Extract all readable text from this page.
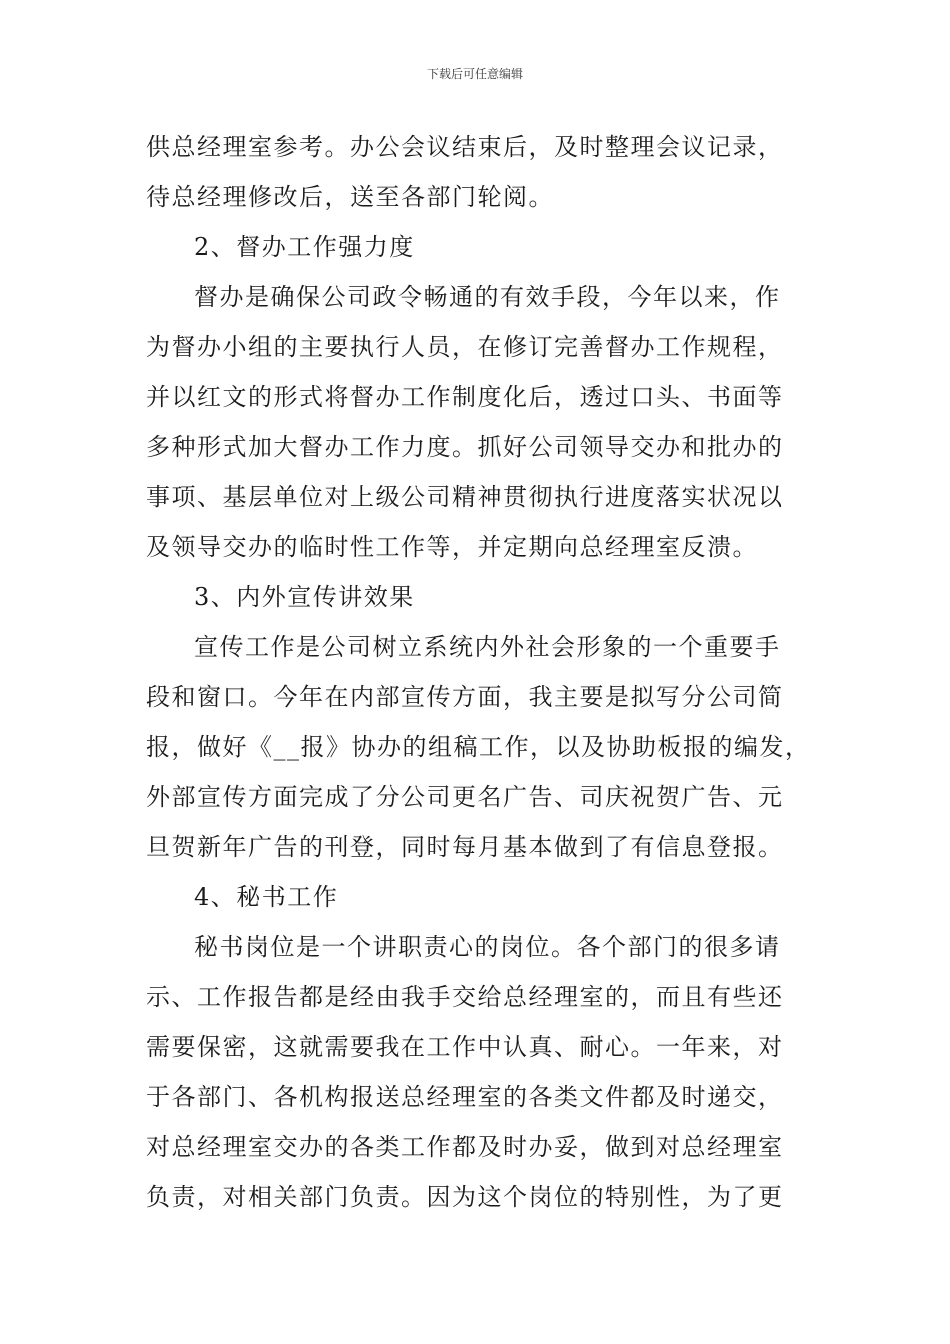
下载后可任意编辑
供总经理室参考。办公会议结束后，及时整理会议记录，
待总经理修改后，送至各部门轮阅。
2、督办工作强力度
督办是确保公司政令畅通的有效手段，今年以来，作
为督办小组的主要执行人员，在修订完善督办工作规程，
并以红文的形式将督办工作制度化后，透过口头、书面等
多种形式加大督办工作力度。抓好公司领导交办和批办的
事项、基层单位对上级公司精神贯彻执行进度落实状况以
及领导交办的临时性工作等，并定期向总经理室反溃。
3、内外宣传讲效果
宣传工作是公司树立系统内外社会形象的一个重要手
段和窗口。今年在内部宣传方面，我主要是拟写分公司简
报，做好《__报》协办的组稿工作，以及协助板报的编发，
外部宣传方面完成了分公司更名广告、司庆祝贺广告、元
旦贺新年广告的刊登，同时每月基本做到了有信息登报。
4、秘书工作
秘书岗位是一个讲职责心的岗位。各个部门的很多请
示、工作报告都是经由我手交给总经理室的，而且有些还
需要保密，这就需要我在工作中认真、耐心。一年来，对
于各部门、各机构报送总经理室的各类文件都及时递交，
对总经理室交办的各类工作都及时办妥，做到对总经理室
负责，对相关部门负责。因为这个岗位的特别性，为了更
